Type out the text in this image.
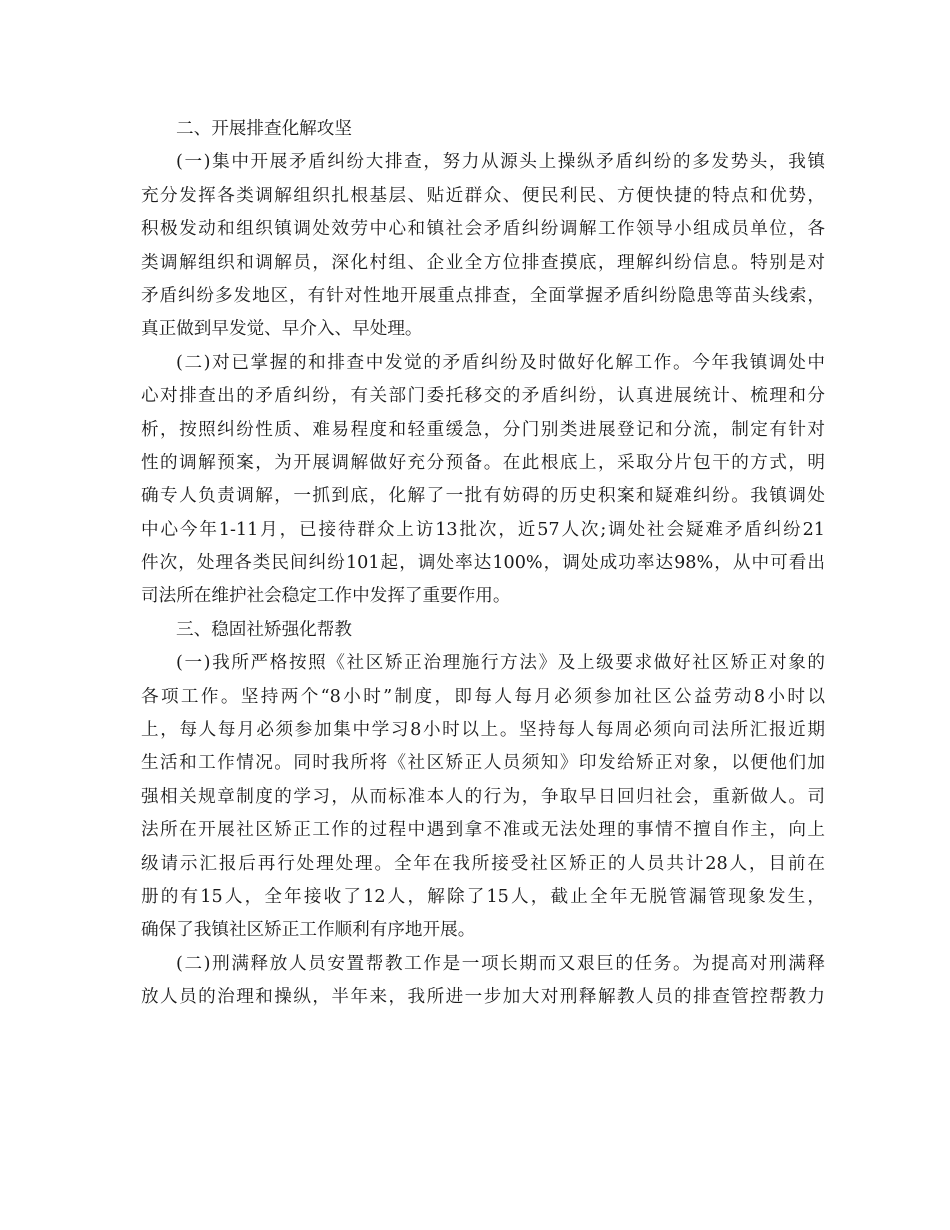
二、开展排查化解攻坚
(一)集中开展矛盾纠纷大排查，努力从源头上操纵矛盾纠纷的多发势头，我镇
充分发挥各类调解组织扎根基层、贴近群众、便民利民、方便快捷的特点和优势，
积极发动和组织镇调处效劳中心和镇社会矛盾纠纷调解工作领导小组成员单位，各
类调解组织和调解员，深化村组、企业全方位排查摸底，理解纠纷信息。特别是对
矛盾纠纷多发地区，有针对性地开展重点排查，全面掌握矛盾纠纷隐患等苗头线索，
真正做到早发觉、早介入、早处理。
(二)对已掌握的和排查中发觉的矛盾纠纷及时做好化解工作。今年我镇调处中
心对排查出的矛盾纠纷，有关部门委托移交的矛盾纠纷，认真进展统计、梳理和分
析，按照纠纷性质、难易程度和轻重缓急，分门别类进展登记和分流，制定有针对
性的调解预案，为开展调解做好充分预备。在此根底上，采取分片包干的方式，明
确专人负责调解，一抓到底，化解了一批有妨碍的历史积案和疑难纠纷。我镇调处
中心今年1-11月，已接待群众上访13批次，近57人次;调处社会疑难矛盾纠纷21
件次，处理各类民间纠纷101起，调处率达100%，调处成功率达98%，从中可看出
司法所在维护社会稳定工作中发挥了重要作用。
三、稳固社矫强化帮教
(一)我所严格按照《社区矫正治理施行方法》及上级要求做好社区矫正对象的
各项工作。坚持两个“8小时”制度，即每人每月必须参加社区公益劳动8小时以
上，每人每月必须参加集中学习8小时以上。坚持每人每周必须向司法所汇报近期
生活和工作情况。同时我所将《社区矫正人员须知》印发给矫正对象，以便他们加
强相关规章制度的学习，从而标准本人的行为，争取早日回归社会，重新做人。司
法所在开展社区矫正工作的过程中遇到拿不准或无法处理的事情不擅自作主，向上
级请示汇报后再行处理处理。全年在我所接受社区矫正的人员共计28人，目前在
册的有15人，全年接收了12人，解除了15人，截止全年无脱管漏管现象发生，
确保了我镇社区矫正工作顺利有序地开展。
(二)刑满释放人员安置帮教工作是一项长期而又艰巨的任务。为提高对刑满释
放人员的治理和操纵，半年来，我所进一步加大对刑释解教人员的排查管控帮教力
